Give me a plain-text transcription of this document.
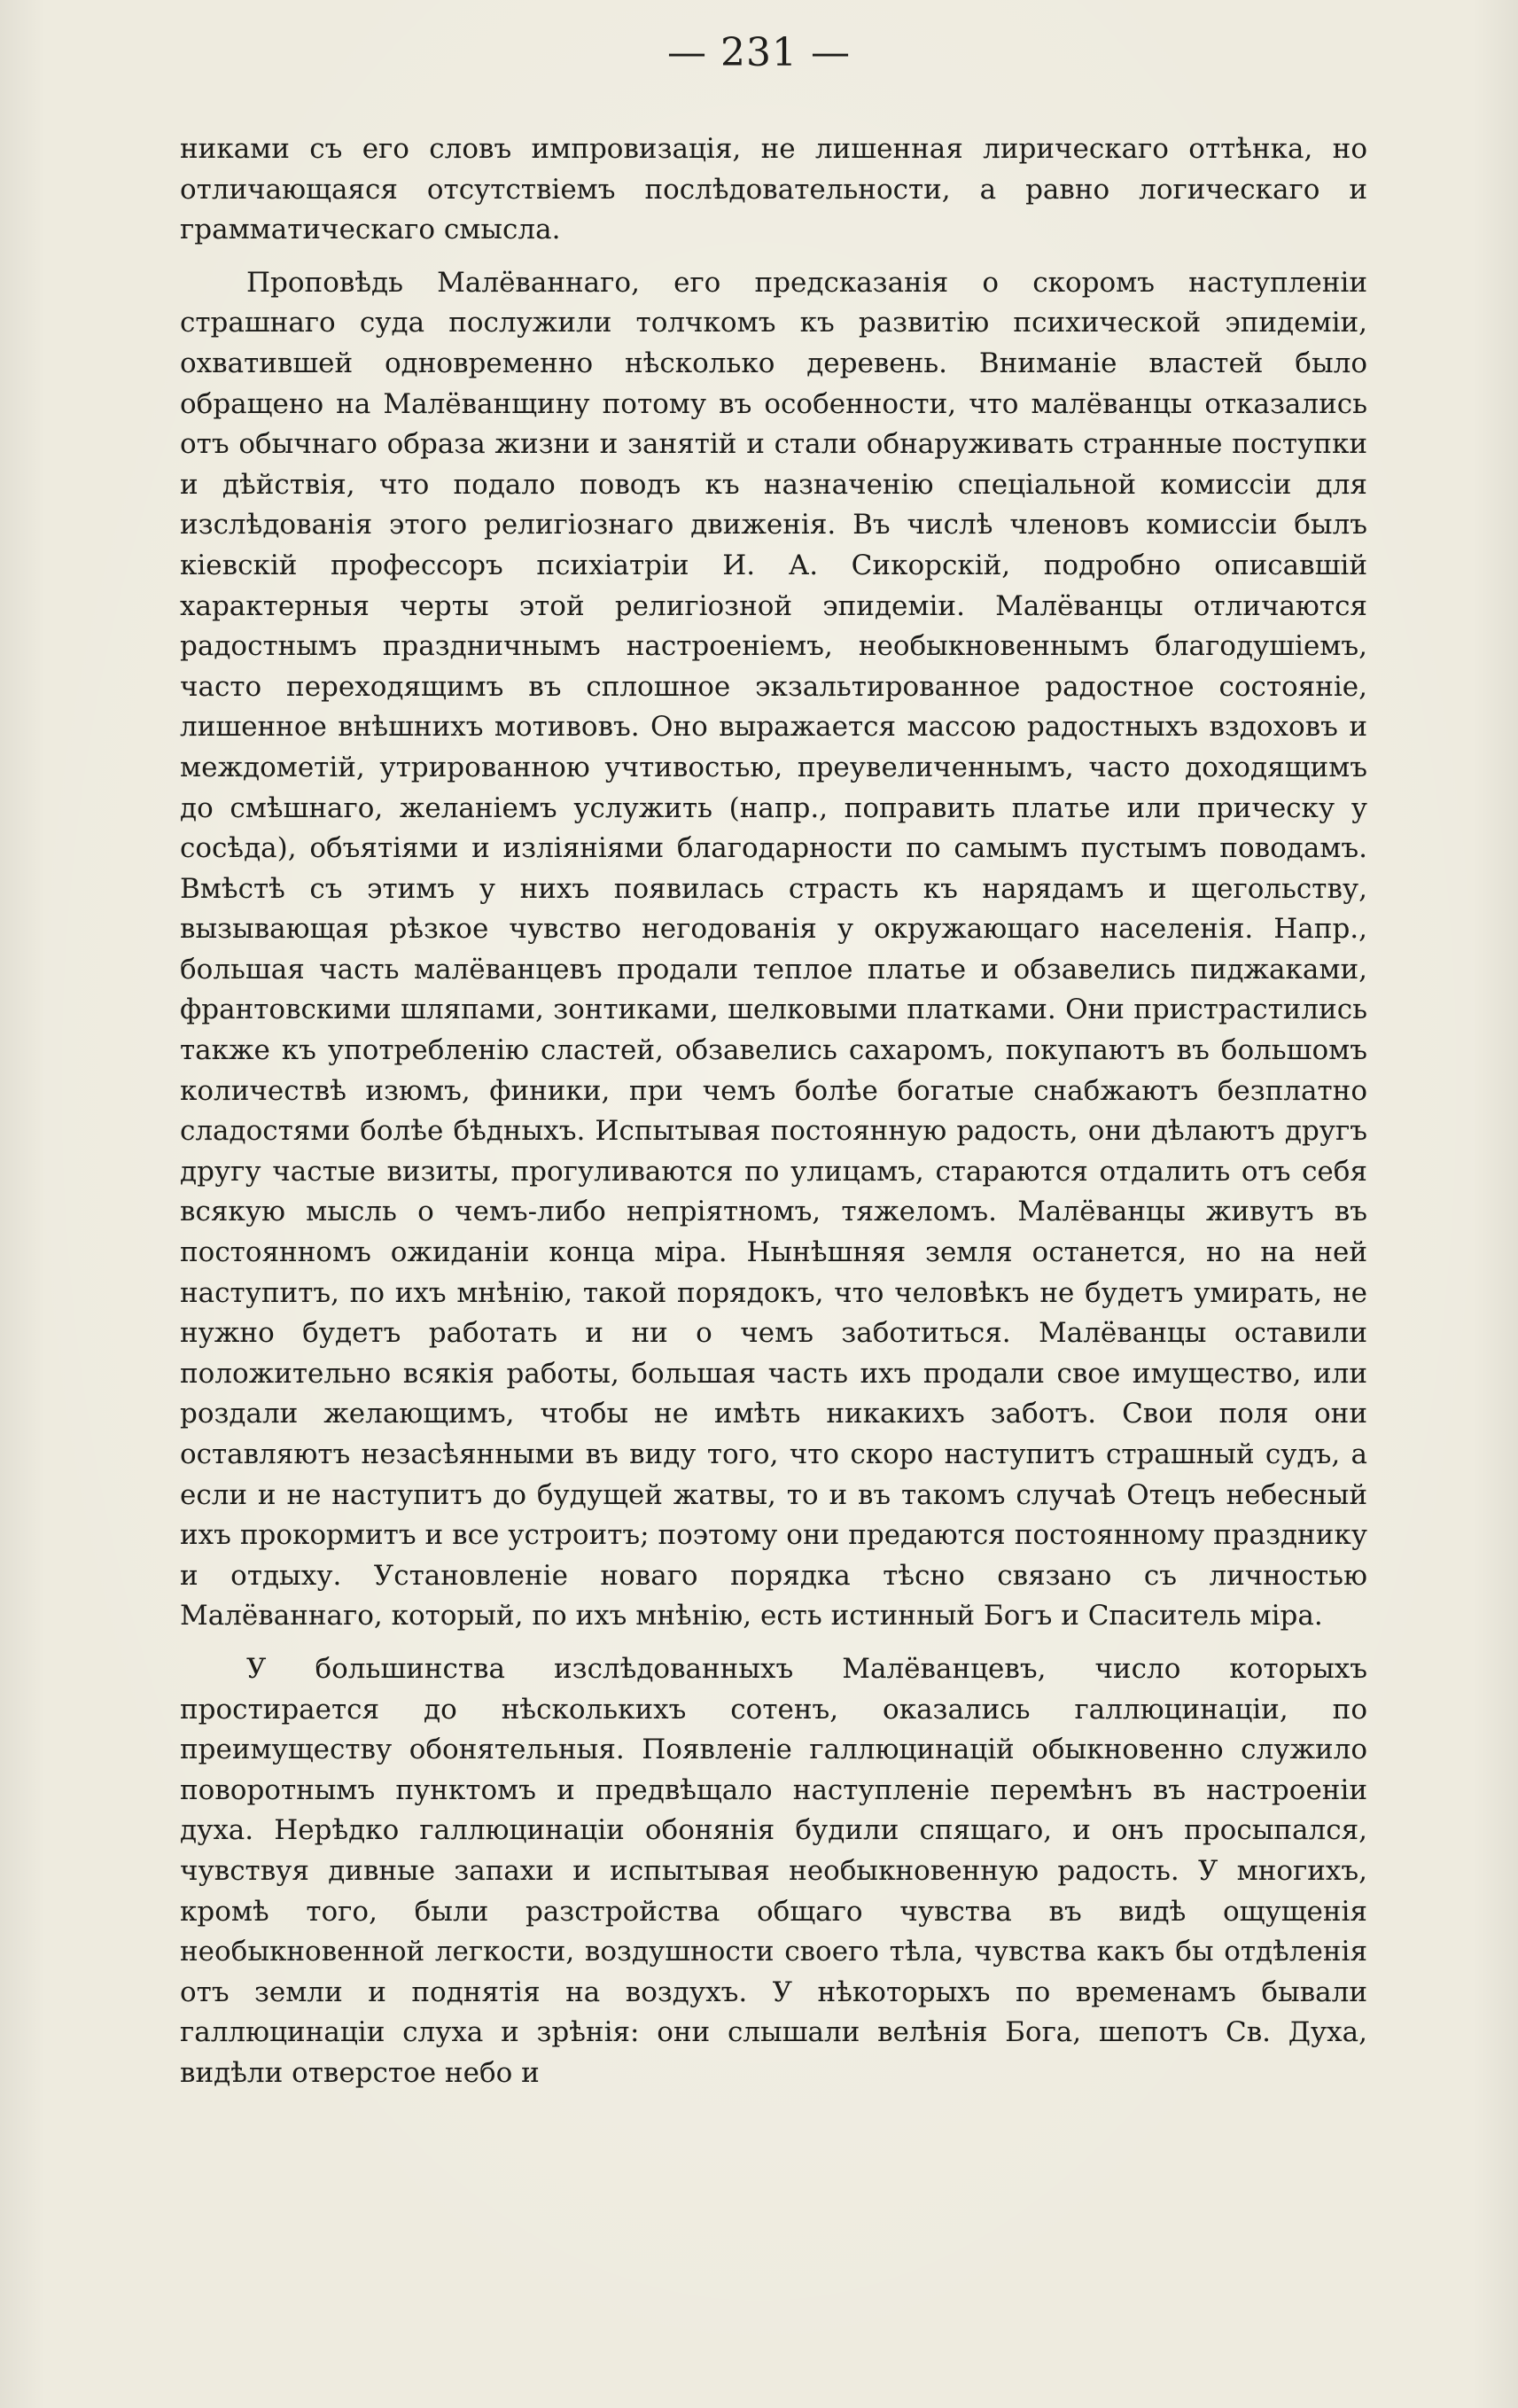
— 231 —

никами съ его словъ импровизація, не лишенная лирическаго оттѣнка, но отличающаяся отсутствіемъ послѣдовательности, а равно логическаго и грамматическаго смысла.

Проповѣдь Малёваннаго, его предсказанія о скоромъ наступленіи страшнаго суда послужили толчкомъ къ развитію психической эпидеміи, охватившей одновременно нѣсколько деревень. Вниманіе властей было обращено на Малёванщину потому въ особенности, что малёванцы отказались отъ обычнаго образа жизни и занятій и стали обнаруживать странные поступки и дѣйствія, что подало поводъ къ назначенію спеціальной комиссіи для изслѣдованія этого религіознаго движенія. Въ числѣ членовъ комиссіи былъ кіевскій профессоръ психіатріи И. А. Сикорскій, подробно описавшій характерныя черты этой религіозной эпидеміи. Малёванцы отличаются радостнымъ праздничнымъ настроеніемъ, необыкновеннымъ благодушіемъ, часто переходящимъ въ сплошное экзальтированное радостное состояніе, лишенное внѣшнихъ мотивовъ. Оно выражается массою радостныхъ вздоховъ и междометій, утрированною учтивостью, преувеличеннымъ, часто доходящимъ до смѣшнаго, желаніемъ услужить (напр., поправить платье или прическу у сосѣда), объятіями и изліяніями благодарности по самымъ пустымъ поводамъ. Вмѣстѣ съ этимъ у нихъ появилась страсть къ нарядамъ и щегольству, вызывающая рѣзкое чувство негодованія у окружающаго населенія. Напр., большая часть малёванцевъ продали теплое платье и обзавелись пиджаками, франтовскими шляпами, зонтиками, шелковыми платками. Они пристрастились также къ употребленію сластей, обзавелись сахаромъ, покупаютъ въ большомъ количествѣ изюмъ, финики, при чемъ болѣе богатые снабжаютъ безплатно сладостями болѣе бѣдныхъ. Испытывая постоянную радость, они дѣлаютъ другъ другу частые визиты, прогуливаются по улицамъ, стараются отдалить отъ себя всякую мысль о чемъ-либо непріятномъ, тяжеломъ. Малёванцы живутъ въ постоянномъ ожиданіи конца міра. Нынѣшняя земля останется, но на ней наступитъ, по ихъ мнѣнію, такой порядокъ, что человѣкъ не будетъ умирать, не нужно будетъ работать и ни о чемъ заботиться. Малёванцы оставили положительно всякія работы, большая часть ихъ продали свое имущество, или роздали желающимъ, чтобы не имѣть никакихъ заботъ. Свои поля они оставляютъ незасѣянными въ виду того, что скоро наступитъ страшный судъ, а если и не наступитъ до будущей жатвы, то и въ такомъ случаѣ Отецъ небесный ихъ прокормитъ и все устроитъ; поэтому они предаются постоянному празднику и отдыху. Установленіе новаго порядка тѣсно связано съ личностью Малёваннаго, который, по ихъ мнѣнію, есть истинный Богъ и Спаситель міра.

У большинства изслѣдованныхъ Малёванцевъ, число которыхъ простирается до нѣсколькихъ сотенъ, оказались галлюцинаціи, по преимуществу обонятельныя. Появленіе галлюцинацій обыкновенно служило поворотнымъ пунктомъ и предвѣщало наступленіе перемѣнъ въ настроеніи духа. Нерѣдко галлюцинаціи обонянія будили спящаго, и онъ просыпался, чувствуя дивные запахи и испытывая необыкновенную радость. У многихъ, кромѣ того, были разстройства общаго чувства въ видѣ ощущенія необыкновенной легкости, воздушности своего тѣла, чувства какъ бы отдѣленія отъ земли и поднятія на воздухъ. У нѣкоторыхъ по временамъ бывали галлюцинаціи слуха и зрѣнія: они слышали велѣнія Бога, шепотъ Св. Духа, видѣли отверстое небо и
